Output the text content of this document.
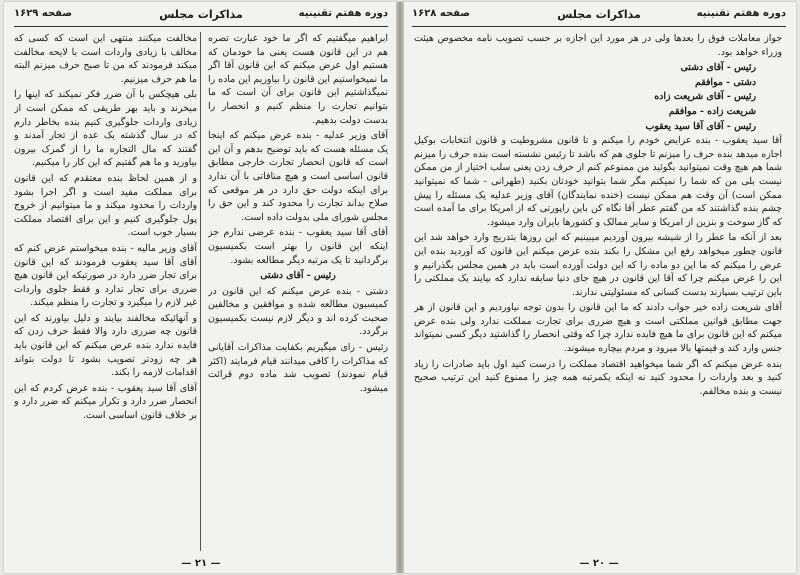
دوره هفتم تقنینیه
مذاکرات مجلس
صفحه ۱۶۲۹

ابراهیم میگفتیم که اگر ما خود عبارت تصره هم در این قانون هست یعنی ما خودمان که هستیم اول عرض میکنم که این قانون آقا اگر ما نمیخواستیم این قانون را بیاوریم این ماده را نمیگذاشتیم این قانون برای آن است که ما بتوانیم تجارت را منظم کنیم و انحصار را بدست دولت بدهیم.

آقای وزیر عدلیه - بنده عرض میکنم که اینجا یک مسئله هست که باید توضیح بدهم و آن این است که قانون انحصار تجارت خارجی مطابق قانون اساسی است و هیچ منافاتی با آن ندارد برای اینکه دولت حق دارد در هر موقعی که صلاح بداند تجارت را محدود کند و این حق را مجلس شورای ملی بدولت داده است.

آقای آقا سید یعقوب - بنده عرضی ندارم جز اینکه این قانون را بهتر است بکمیسیون برگردانید تا یک مرتبه دیگر مطالعه بشود.

رئیس - آقای دشتی

دشتی - بنده عرض میکنم که این قانون در کمیسیون مطالعه شده و موافقین و مخالفین صحبت کرده اند و دیگر لازم نیست بکمیسیون برگردد.

رئیس - رای میگیریم بکفایت مذاکرات آقایانی که مذاکرات را کافی میدانند قیام فرمایند (اکثر قیام نمودند) تصویب شد ماده دوم قرائت میشود.

مخالفت میکنند منتهی این است که کسی که مخالف با زیادی واردات است با لایحه مخالفت میکند فرمودند که من تا صبح حرف میزنم البته ما هم حرف میزنیم.

بلی هیچکس با آن ضرر فکر نمیکند که اینها را میخرند و باید بهر طریقی که ممکن است از زیادی واردات جلوگیری کنیم بنده بخاطر دارم که در سال گذشته یک عده از تجار آمدند و گفتند که مال التجاره ما را از گمرک بیرون بیاورید و ما هم گفتیم که این کار را میکنیم.

و از همین لحاظ بنده معتقدم که این قانون برای مملکت مفید است و اگر اجرا بشود واردات را محدود میکند و ما میتوانیم از خروج پول جلوگیری کنیم و این برای اقتصاد مملکت بسیار خوب است.

آقای وزیر مالیه - بنده میخواستم عرض کنم که آقای آقا سید یعقوب فرمودند که این قانون برای تجار ضرر دارد در صورتیکه این قانون هیچ ضرری برای تجار ندارد و فقط جلوی واردات غیر لازم را میگیرد و تجارت را منظم میکند.

و آنهائیکه مخالفند بیایند و دلیل بیاورند که این قانون چه ضرری دارد والا فقط حرف زدن که فایده ندارد بنده عرض میکنم که این قانون باید هر چه زودتر تصویب بشود تا دولت بتواند اقدامات لازمه را بکند.

آقای آقا سید یعقوب - بنده عرض کردم که این انحصار ضرر دارد و تکرار میکنم که ضرر دارد و بر خلاف قانون اساسی است.

— ۲۱ —
دوره هفتم تقنینیه
مذاکرات مجلس
صفحه ۱۶۲۸

جواز معاملات فوق را بعدها ولی در هر مورد این اجازه بر حسب تصویب نامه مخصوص هیئت وزراء خواهد بود.

رئیس - آقای دشتی

دشتی - موافقم

رئیس - آقای شریعت زاده

شریعت زاده - موافقم

رئیس - آقای آقا سید یعقوب

آقا سید یعقوب - بنده عرایض خودم را میکنم و تا قانون مشروطیت و قانون انتخابات بوکیل اجازه میدهد بنده حرف را میزنم تا جلوی هم که باشد تا رئیس نشسته است بنده حرف را میزنم شما هم هیچ وقت نمیتوانید بگوئید من ممنوعم کنم از حرف زدن یعنی سلب اختیار از من ممکن نیست بلی من که شما را نمیکنم مگر شما بتوانید خودتان بکنید (طهرانی - شما که نمیتوانید ممکن است) آن وقت هم ممکن نیست (خنده نمایندگان) آقای وزیر عدلیه یک مسئله را پیش چشم بنده گذاشتند که من گفتم عطر آقا نگاه کن باین راپورتی که از امریکا برای ما آمده است که گاز سوخت و بنزین از امریکا و سایر ممالک و کشورها بایران وارد میشود.

بعد از آنکه ما عطر را از شیشه بیرون آوردیم میبینیم که این روزها بتدریج وارد خواهد شد این قانون چطور میخواهد رفع این مشکل را بکند بنده عرض میکنم این قانون که آوردید بنده این عرض را میکنم که ما این دو ماده را که این دولت آورده است باید در همین مجلس بگذرانیم و این را عرض میکنم چرا که آقا این قانون در هیچ جای دنیا سابقه ندارد که بیایند یک مملکتی را باین ترتیب بسپارند بدست کسانی که مسئولیتی ندارند.

آقای شریعت زاده خیر جواب دادند که ما این قانون را بدون توجه نیاوردیم و این قانون از هر جهت مطابق قوانین مملکتی است و هیچ ضرری برای تجارت مملکت ندارد ولی بنده عرض میکنم که این قانون برای ما هیچ فایده ندارد چرا که وقتی انحصار را گذاشتید دیگر کسی نمیتواند جنس وارد کند و قیمتها بالا میرود و مردم بیچاره میشوند.

بنده عرض میکنم که اگر شما میخواهید اقتصاد مملکت را درست کنید اول باید صادرات را زیاد کنید و بعد واردات را محدود کنید نه اینکه یکمرتبه همه چیز را ممنوع کنید این ترتیب صحیح نیست و بنده مخالفم.

— ۲۰ —
